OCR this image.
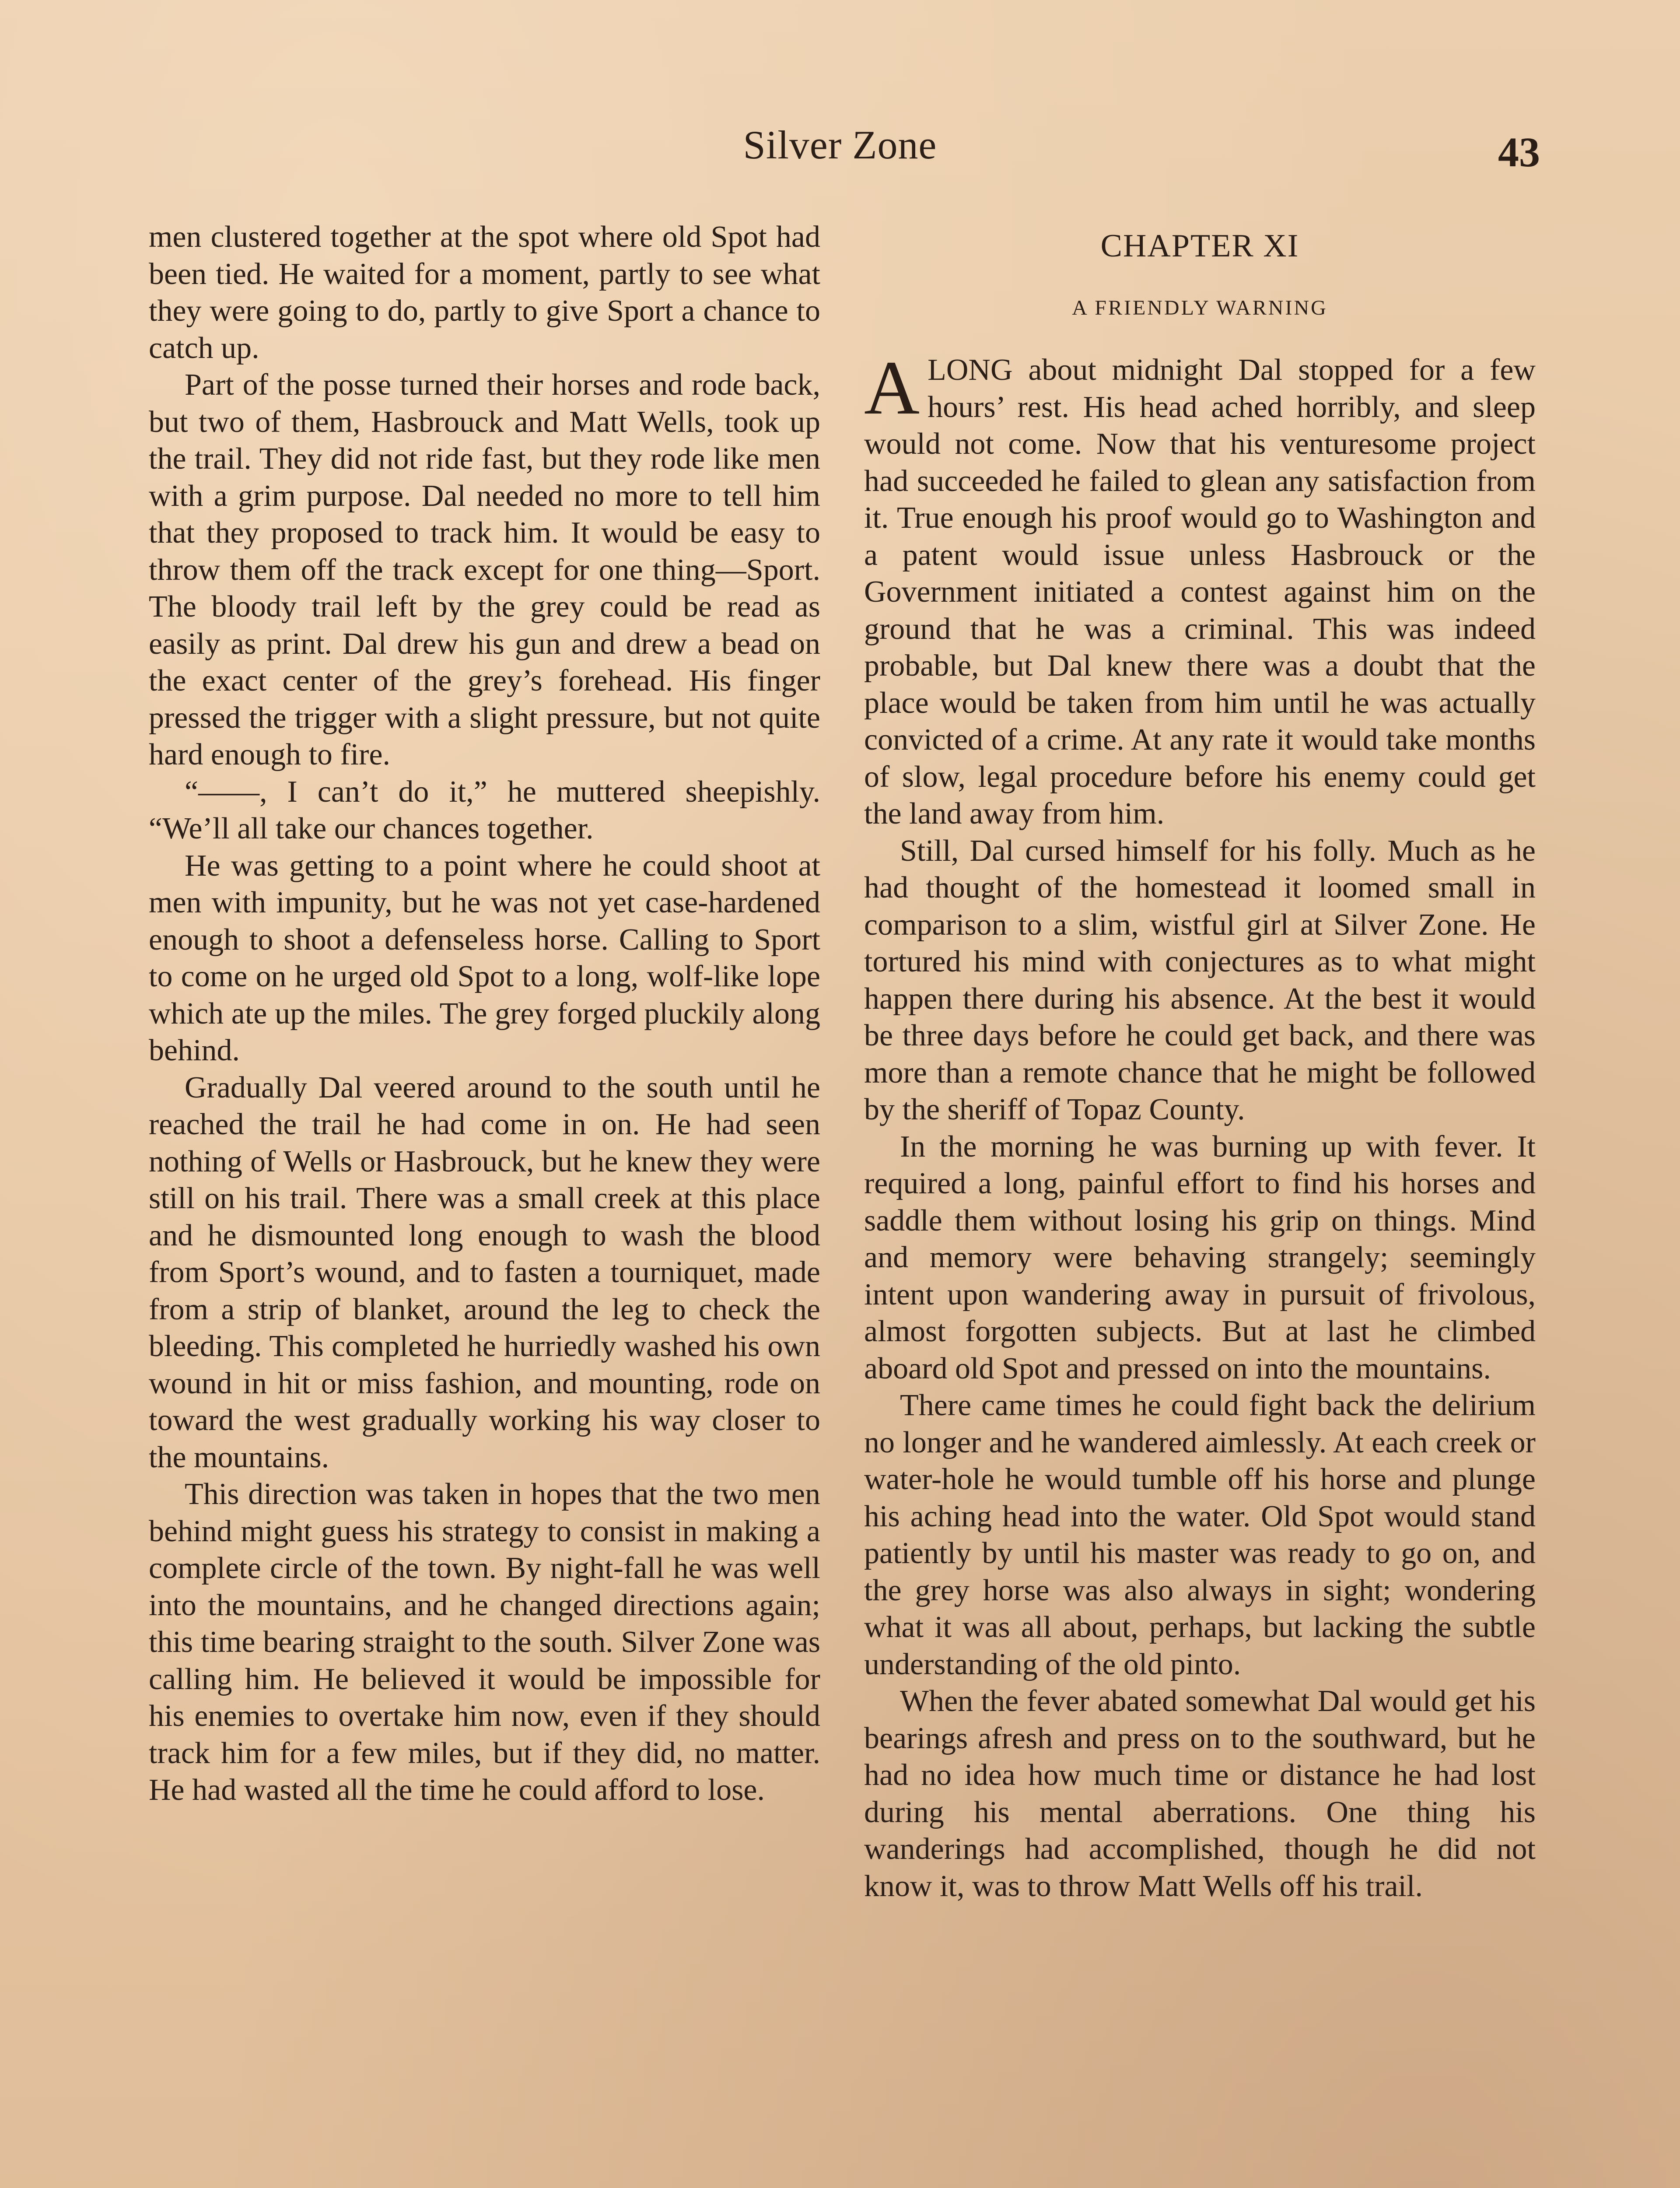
Silver Zone	43

men clustered together at the spot where old Spot had been tied. He waited for a moment, partly to see what they were going to do, partly to give Sport a chance to catch up.

Part of the posse turned their horses and rode back, but two of them, Hasbrouck and Matt Wells, took up the trail. They did not ride fast, but they rode like men with a grim purpose. Dal needed no more to tell him that they proposed to track him. It would be easy to throw them off the track except for one thing—Sport. The bloody trail left by the grey could be read as easily as print. Dal drew his gun and drew a bead on the exact center of the grey’s forehead. His finger pressed the trigger with a slight pressure, but not quite hard enough to fire.

“——, I can’t do it,” he muttered sheepishly. “We’ll all take our chances together.

He was getting to a point where he could shoot at men with impunity, but he was not yet case-hardened enough to shoot a defenseless horse. Calling to Sport to come on he urged old Spot to a long, wolf-like lope which ate up the miles. The grey forged pluckily along behind.

Gradually Dal veered around to the south until he reached the trail he had come in on. He had seen nothing of Wells or Hasbrouck, but he knew they were still on his trail. There was a small creek at this place and he dismounted long enough to wash the blood from Sport’s wound, and to fasten a tourniquet, made from a strip of blanket, around the leg to check the bleeding. This completed he hurriedly washed his own wound in hit or miss fashion, and mounting, rode on toward the west gradually working his way closer to the mountains.

This direction was taken in hopes that the two men behind might guess his strategy to consist in making a complete circle of the town. By night-fall he was well into the mountains, and he changed directions again; this time bearing straight to the south. Silver Zone was calling him. He believed it would be impossible for his enemies to overtake him now, even if they should track him for a few miles, but if they did, no matter. He had wasted all the time he could afford to lose.

CHAPTER XI
A FRIENDLY WARNING

ALONG about midnight Dal stopped for a few hours’ rest. His head ached horribly, and sleep would not come. Now that his venturesome project had succeeded he failed to glean any satisfaction from it. True enough his proof would go to Washington and a patent would issue unless Hasbrouck or the Government initiated a contest against him on the ground that he was a criminal. This was indeed probable, but Dal knew there was a doubt that the place would be taken from him until he was actually convicted of a crime. At any rate it would take months of slow, legal procedure before his enemy could get the land away from him.

Still, Dal cursed himself for his folly. Much as he had thought of the homestead it loomed small in comparison to a slim, wistful girl at Silver Zone. He tortured his mind with conjectures as to what might happen there during his absence. At the best it would be three days before he could get back, and there was more than a remote chance that he might be followed by the sheriff of Topaz County.

In the morning he was burning up with fever. It required a long, painful effort to find his horses and saddle them without losing his grip on things. Mind and memory were behaving strangely; seemingly intent upon wandering away in pursuit of frivolous, almost forgotten subjects. But at last he climbed aboard old Spot and pressed on into the mountains.

There came times he could fight back the delirium no longer and he wandered aimlessly. At each creek or water-hole he would tumble off his horse and plunge his aching head into the water. Old Spot would stand patiently by until his master was ready to go on, and the grey horse was also always in sight; wondering what it was all about, perhaps, but lacking the subtle understanding of the old pinto.

When the fever abated somewhat Dal would get his bearings afresh and press on to the southward, but he had no idea how much time or distance he had lost during his mental aberrations. One thing his wanderings had accomplished, though he did not know it, was to throw Matt Wells off his trail.
